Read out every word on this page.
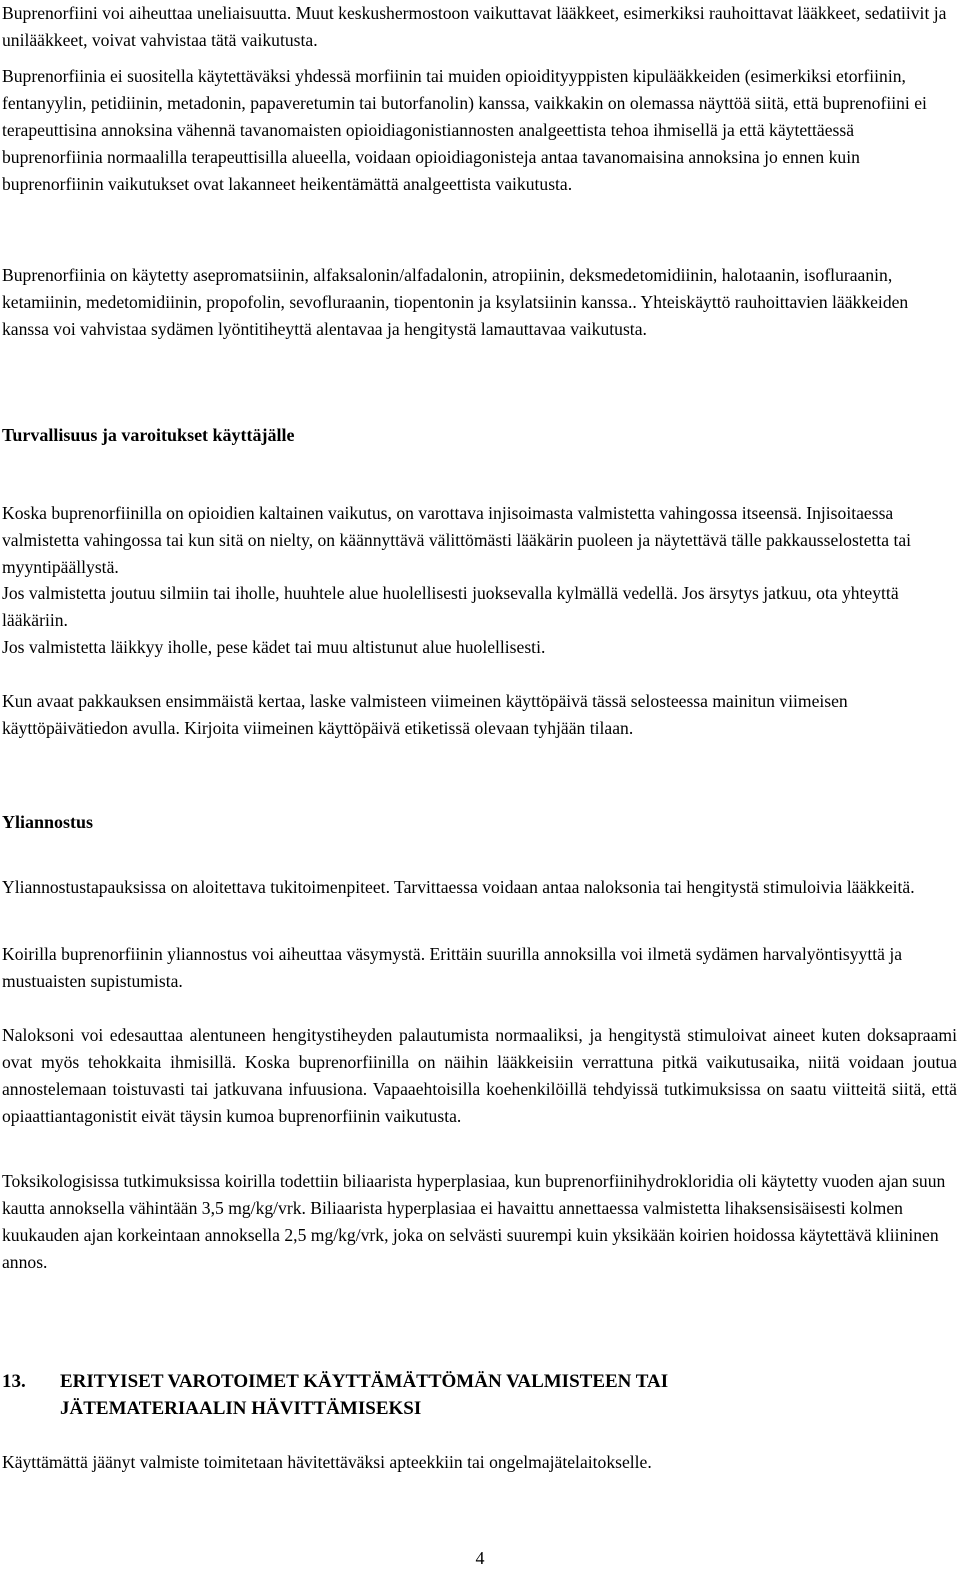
Buprenorfiini voi aiheuttaa uneliaisuutta. Muut keskushermostoon vaikuttavat lääkkeet, esimerkiksi rauhoittavat lääkkeet, sedatiivit ja unilääkkeet, voivat vahvistaa tätä vaikutusta.

Buprenorfiinia ei suositella käytettäväksi yhdessä morfiinin tai muiden opioidityyppisten kipulääkkeiden (esimerkiksi etorfiinin, fentanyylin, petidiinin, metadonin, papaveretumin tai butorfanolin) kanssa, vaikkakin on olemassa näyttöä siitä, että buprenofiini ei terapeuttisina annoksina vähennä tavanomaisten opioidiagonistiannosten analgeettista tehoa ihmisellä ja että käytettäessä buprenorfiinia normaalilla terapeuttisilla alueella, voidaan opioidiagonisteja antaa tavanomaisina annoksina jo ennen kuin buprenorfiinin vaikutukset ovat lakanneet heikentämättä analgeettista vaikutusta.

Buprenorfiinia on käytetty asepromatsiinin, alfaksalonin/alfadalonin, atropiinin, deksmedetomidiinin, halotaanin, isofluraanin, ketamiinin, medetomidiinin, propofolin, sevofluraanin, tiopentonin ja ksylatsiinin kanssa.. Yhteiskäyttö rauhoittavien lääkkeiden kanssa voi vahvistaa sydämen lyöntitiheyttä alentavaa ja hengitystä lamauttavaa vaikutusta.

Turvallisuus ja varoitukset käyttäjälle

Koska buprenorfiinilla on opioidien kaltainen vaikutus, on varottava injisoimasta valmistetta vahingossa itseensä. Injisoitaessa valmistetta vahingossa tai kun sitä on nielty, on käännyttävä välittömästi lääkärin puoleen ja näytettävä tälle pakkausselostetta tai myyntipäällystä.

Jos valmistetta joutuu silmiin tai iholle, huuhtele alue huolellisesti juoksevalla kylmällä vedellä. Jos ärsytys jatkuu, ota yhteyttä lääkäriin.

Jos valmistetta läikkyy iholle, pese kädet tai muu altistunut alue huolellisesti.

Kun avaat pakkauksen ensimmäistä kertaa, laske valmisteen viimeinen käyttöpäivä tässä selosteessa mainitun viimeisen käyttöpäivätiedon avulla. Kirjoita viimeinen käyttöpäivä etiketissä olevaan tyhjään tilaan.

Yliannostus

Yliannostustapauksissa on aloitettava tukitoimenpiteet. Tarvittaessa voidaan antaa naloksonia tai hengitystä stimuloivia lääkkeitä.

Koirilla buprenorfiinin yliannostus voi aiheuttaa väsymystä. Erittäin suurilla annoksilla voi ilmetä sydämen harvalyöntisyyttä ja mustuaisten supistumista.

Naloksoni voi edesauttaa alentuneen hengitystiheyden palautumista normaaliksi, ja hengitystä stimuloivat aineet kuten doksapraami ovat myös tehokkaita ihmisillä. Koska buprenorfiinilla on näihin lääkkeisiin verrattuna pitkä vaikutusaika, niitä voidaan joutua annostelemaan toistuvasti tai jatkuvana infuusiona. Vapaaehtoisilla koehenkilöillä tehdyissä tutkimuksissa on saatu viitteitä siitä, että opiaattiantagonistit eivät täysin kumoa buprenorfiinin vaikutusta.

Toksikologisissa tutkimuksissa koirilla todettiin biliaarista hyperplasiaa, kun buprenorfiinihydrokloridia oli käytetty vuoden ajan suun kautta annoksella vähintään 3,5 mg/kg/vrk. Biliaarista hyperplasiaa ei havaittu annettaessa valmistetta lihaksensisäisesti kolmen kuukauden ajan korkeintaan annoksella 2,5 mg/kg/vrk, joka on selvästi suurempi kuin yksikään koirien hoidossa käytettävä kliininen annos.

13. ERITYISET VAROTOIMET KÄYTTÄMÄTTÖMÄN VALMISTEEN TAI
JÄTEMATERIAALIN HÄVITTÄMISEKSI

Käyttämättä jäänyt valmiste toimitetaan hävitettäväksi apteekkiin tai ongelmajätelaitokselle.

4
